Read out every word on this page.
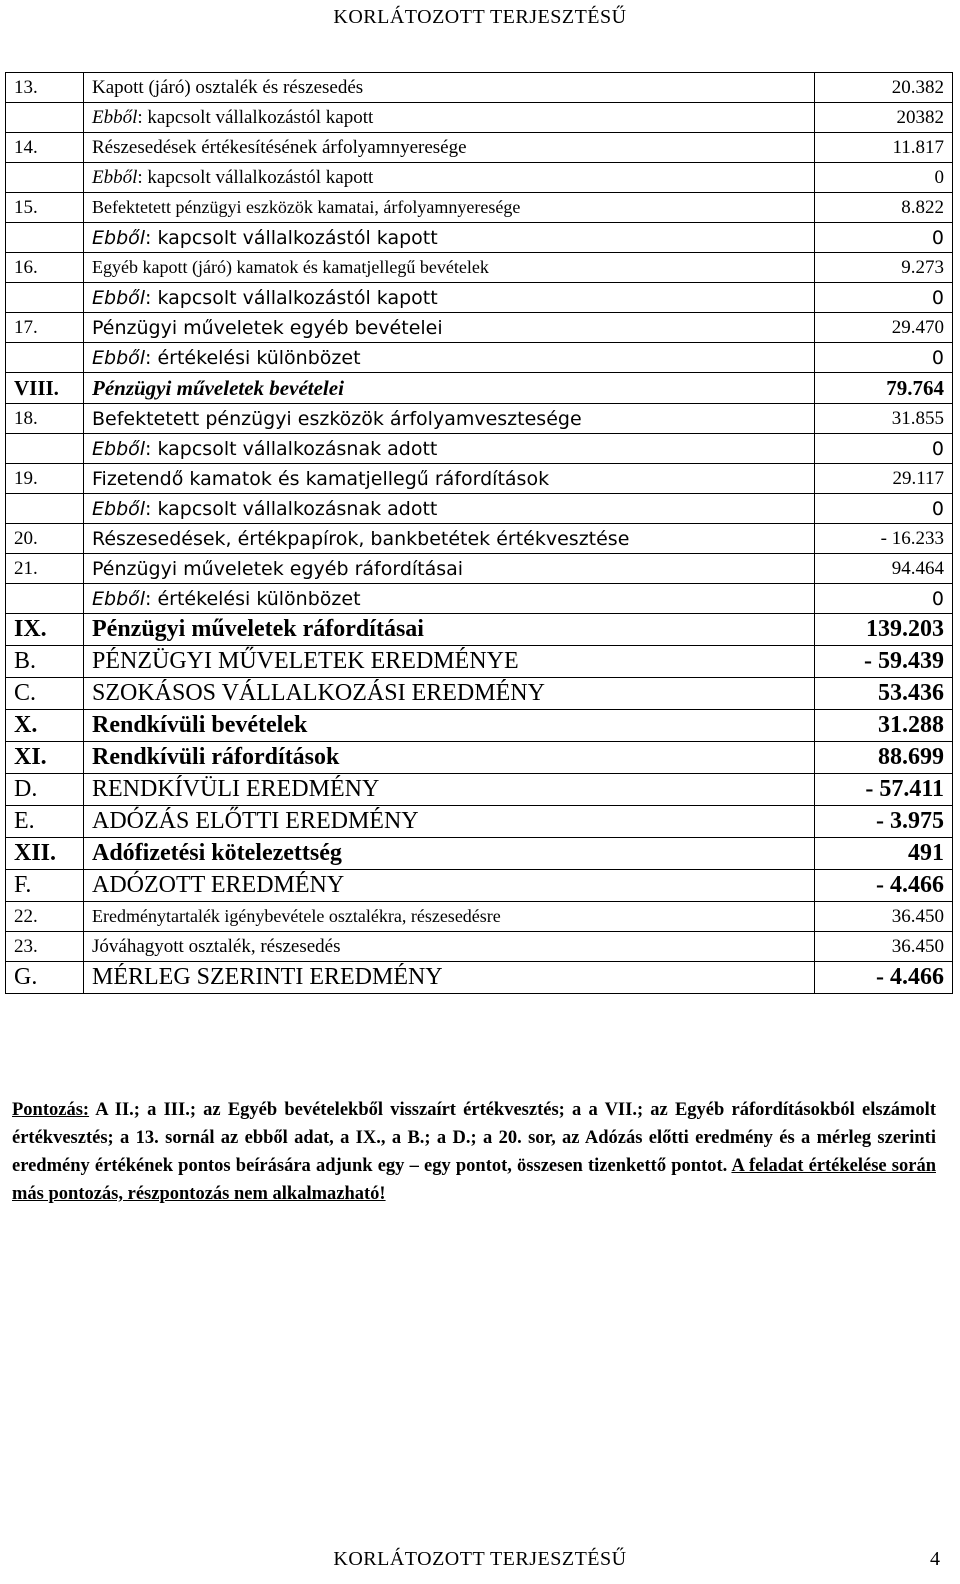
KORLÁTOZOTT TERJESZTÉSŰ
13.	Kapott (járó) osztalék és részesedés	20.382
	Ebből: kapcsolt vállalkozástól kapott	20382
14.	Részesedések értékesítésének árfolyamnyeresége	11.817
	Ebből: kapcsolt vállalkozástól kapott	0
15.	Befektetett pénzügyi eszközök kamatai, árfolyamnyeresége	8.822
	Ebből: kapcsolt vállalkozástól kapott	0
16.	Egyéb kapott (járó) kamatok és kamatjellegű bevételek	9.273
	Ebből: kapcsolt vállalkozástól kapott	0
17.	Pénzügyi műveletek egyéb bevételei	29.470
	Ebből: értékelési különbözet	0
VIII.	Pénzügyi műveletek bevételei	79.764
18.	Befektetett pénzügyi eszközök árfolyamvesztesége	31.855
	Ebből: kapcsolt vállalkozásnak adott	0
19.	Fizetendő kamatok és kamatjellegű ráfordítások	29.117
	Ebből: kapcsolt vállalkozásnak adott	0
20.	Részesedések, értékpapírok, bankbetétek értékvesztése	- 16.233
21.	Pénzügyi műveletek egyéb ráfordításai	94.464
	Ebből: értékelési különbözet	0
IX.	Pénzügyi műveletek ráfordításai	139.203
B.	PÉNZÜGYI MŰVELETEK EREDMÉNYE	- 59.439
C.	SZOKÁSOS VÁLLALKOZÁSI EREDMÉNY	53.436
X.	Rendkívüli bevételek	31.288
XI.	Rendkívüli ráfordítások	88.699
D.	RENDKÍVÜLI EREDMÉNY	- 57.411
E.	ADÓZÁS ELŐTTI EREDMÉNY	- 3.975
XII.	Adófizetési kötelezettség	491
F.	ADÓZOTT EREDMÉNY	- 4.466
22.	Eredménytartalék igénybevétele osztalékra, részesedésre	36.450
23.	Jóváhagyott osztalék, részesedés	36.450
G.	MÉRLEG SZERINTI EREDMÉNY	- 4.466
Pontozás: A II.; a III.; az Egyéb bevételekből visszaírt értékvesztés; a a VII.; az Egyéb ráfordításokból elszámolt értékvesztés; a 13. sornál az ebből adat, a IX., a B.; a D.; a 20. sor, az Adózás előtti eredmény és a mérleg szerinti eredmény értékének pontos beírására adjunk egy – egy pontot, összesen tizenkettő pontot. A feladat értékelése során más pontozás, részpontozás nem alkalmazható!
KORLÁTOZOTT TERJESZTÉSŰ	4
